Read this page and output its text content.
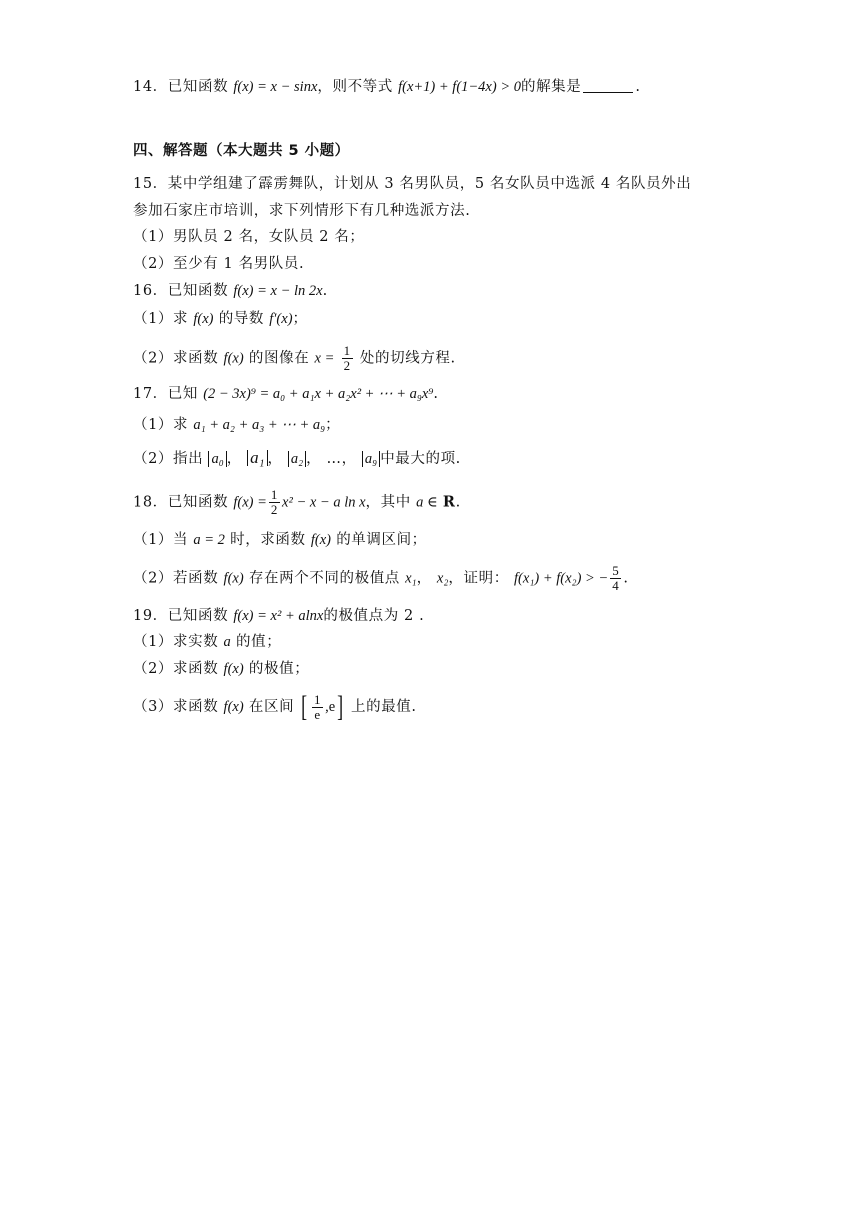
14．已知函数 f(x) = x − sinx，则不等式 f(x+1) + f(1−4x) > 0的解集是	.
四、解答题（本大题共 5 小题）
15．某中学组建了霹雳舞队，计划从 3 名男队员，5 名女队员中选派 4 名队员外出
参加石家庄市培训，求下列情形下有几种选派方法.
（1）男队员 2 名，女队员 2 名；
（2）至少有 1 名男队员.
16．已知函数 f(x) = x − ln 2x.
（1）求 f(x) 的导数 f′(x)；
（2）求函数 f(x) 的图像在 $x = \frac{1}{2}$ 处的切线方程.
17．已知 (2 − 3x)⁹ = a₀ + a₁x + a₂x² + ⋯ + a₉x⁹.
（1）求 a₁ + a₂ + a₃ + ⋯ + a₉；
（2）指出 a₀ ， a₁ ， a₂ ， …， a₉ 中最大的项.
18．已知函数 $f(x) = \frac{1}{2} x^2 - x - a$ ln x，其中 a ∈ R.
（1）当 a = 2 时，求函数 f(x) 的单调区间；
（2）若函数 f(x) 存在两个不同的极值点 x₁， x₂，证明： f(x₁) + f(x₂) > − $\frac{5}{4}$ .
19．已知函数 f(x) = x² + alnx的极值点为 2 .
（1）求实数 a 的值；
（2）求函数 f(x) 的极值；
（3）求函数 f(x) 在区间 [ $\frac{1}{e} ,e$] 上的最值.
